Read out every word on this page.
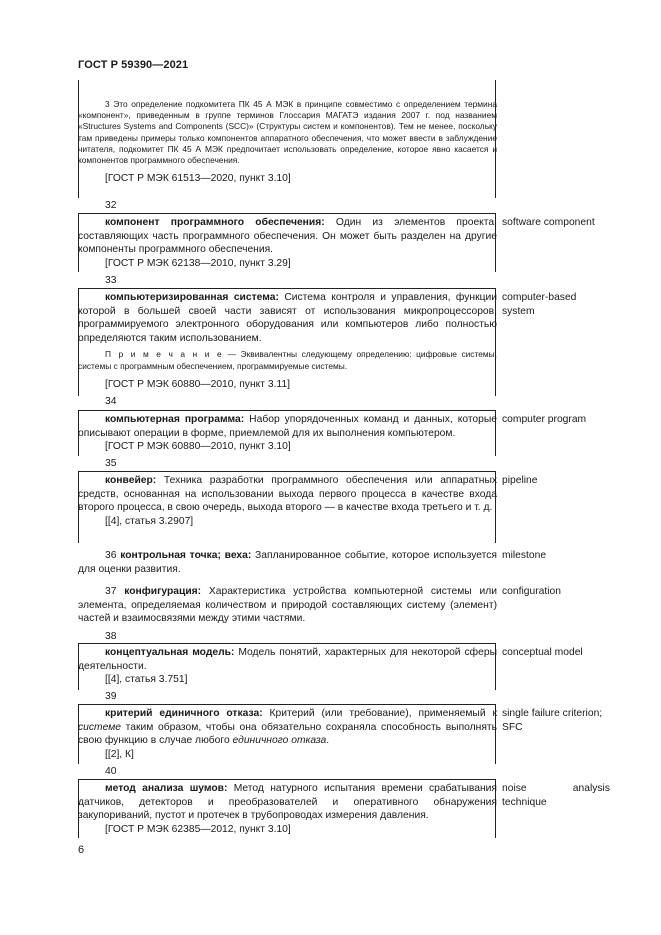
ГОСТ Р 59390—2021

3 Это определение подкомитета ПК 45 А МЭК в принципе совместимо с определением термина «компонент», приведенным в группе терминов Глоссария МАГАТЭ издания 2007 г. под названием «Structures Systems and Components (SCC)» (Структуры систем и компонентов). Тем не менее, поскольку там приведены примеры только компонентов аппаратного обеспечения, что может ввести в заблуждение читателя, подкомитет ПК 45 А МЭК предпочитает использовать определение, которое явно касается и компонентов программного обеспечения.

[ГОСТ Р МЭК 61513—2020, пункт 3.10]

32

компонент программного обеспечения: Один из элементов проекта, составляющих часть программного обеспечения. Он может быть разделен на другие компоненты программного обеспечения.

[ГОСТ Р МЭК 62138—2010, пункт 3.29]

software component
33

компьютеризированная система: Система контроля и управления, функции которой в большей своей части зависят от использования микропроцессоров, программируемого электронного оборудования или компьютеров либо полностью определяются таким использованием.

П р и м е ч а н и е — Эквивалентны следующему определению: цифровые системы, системы с программным обеспечением, программируемые системы.

[ГОСТ Р МЭК 60880—2010, пункт 3.11]

computer-based system
34

компьютерная программа: Набор упорядоченных команд и данных, которые описывают операции в форме, приемлемой для их выполнения компьютером.

[ГОСТ Р МЭК 60880—2010, пункт 3.10]

computer program
35

конвейер: Техника разработки программного обеспечения или аппаратных средств, основанная на использовании выхода первого процесса в качестве входа второго процесса, в свою очередь, выхода второго — в качестве входа третьего и т. д.

[[4], статья 3.2907]

pipeline

36 контрольная точка; веха: Запланированное событие, которое используется для оценки развития.

milestone

37 конфигурация: Характеристика устройства компьютерной системы или элемента, определяемая количеством и природой составляющих систему (элемент) частей и взаимосвязями между этими частями.

configuration
38

концептуальная модель: Модель понятий, характерных для некоторой сферы деятельности.

[[4], статья 3.751]

conceptual model
39

критерий единичного отказа: Критерий (или требование), применяемый к системе таким образом, чтобы она обязательно сохраняла способность выполнять свою функцию в случае любого единичного отказа.

[[2], К]

single failure criterion; SFC
40

метод анализа шумов: Метод натурного испытания времени срабатывания датчиков, детекторов и преобразователей и оперативного обнаружения закупориваний, пустот и протечек в трубопроводах измерения давления.

[ГОСТ Р МЭК 62385—2012, пункт 3.10]

noise analysis technique
6
